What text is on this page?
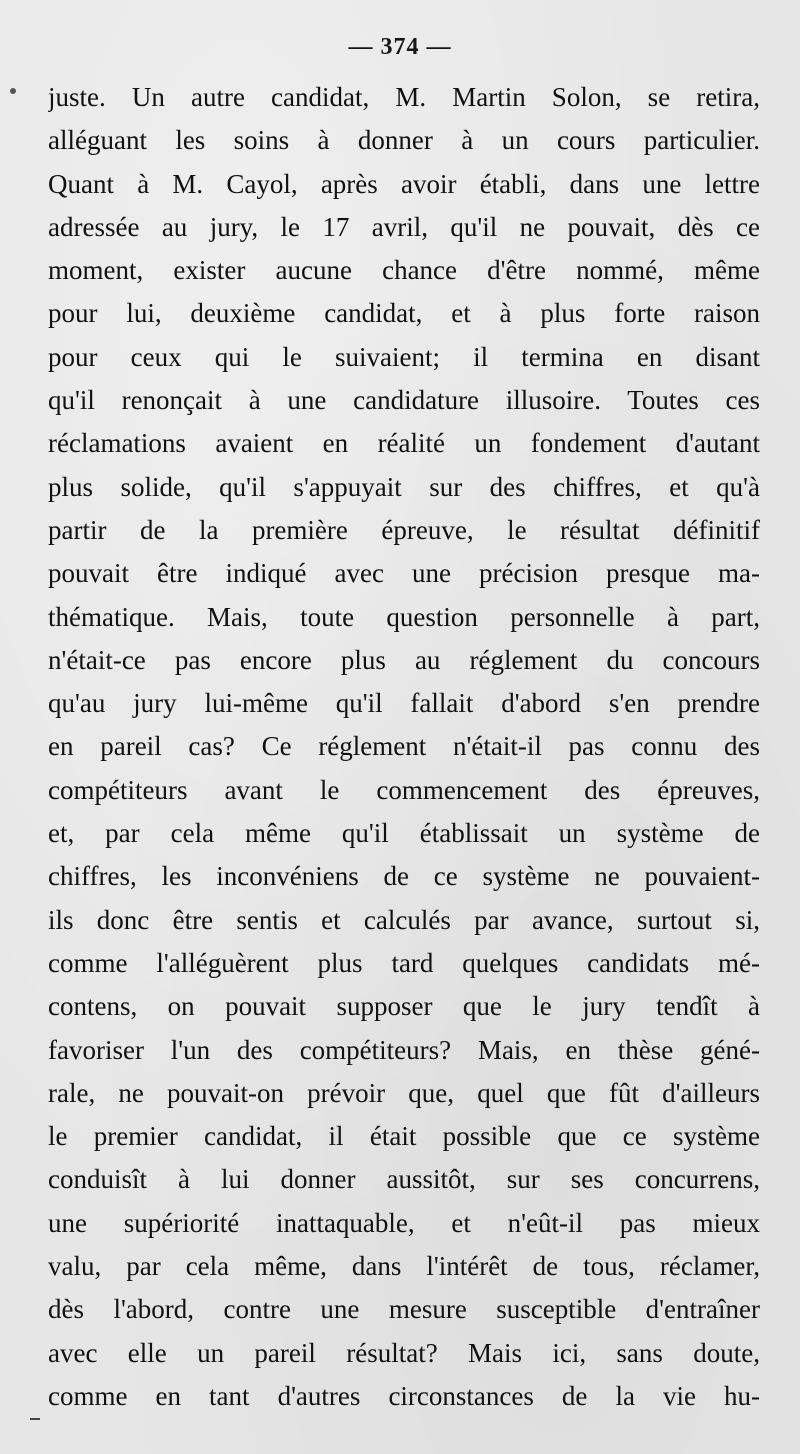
— 374 —
juste. Un autre candidat, M. Martin Solon, se retira,
alléguant les soins à donner à un cours particulier.
Quant à M. Cayol, après avoir établi, dans une lettre
adressée au jury, le 17 avril, qu'il ne pouvait, dès ce
moment, exister aucune chance d'être nommé, même
pour lui, deuxième candidat, et à plus forte raison
pour ceux qui le suivaient; il termina en disant
qu'il renonçait à une candidature illusoire. Toutes ces
réclamations avaient en réalité un fondement d'autant
plus solide, qu'il s'appuyait sur des chiffres, et qu'à
partir de la première épreuve, le résultat définitif
pouvait être indiqué avec une précision presque ma-
thématique. Mais, toute question personnelle à part,
n'était-ce pas encore plus au réglement du concours
qu'au jury lui-même qu'il fallait d'abord s'en prendre
en pareil cas? Ce réglement n'était-il pas connu des
compétiteurs avant le commencement des épreuves,
et, par cela même qu'il établissait un système de
chiffres, les inconvéniens de ce système ne pouvaient-
ils donc être sentis et calculés par avance, surtout si,
comme l'alléguèrent plus tard quelques candidats mé-
contens, on pouvait supposer que le jury tendît à
favoriser l'un des compétiteurs? Mais, en thèse géné-
rale, ne pouvait-on prévoir que, quel que fût d'ailleurs
le premier candidat, il était possible que ce système
conduisît à lui donner aussitôt, sur ses concurrens,
une supériorité inattaquable, et n'eût-il pas mieux
valu, par cela même, dans l'intérêt de tous, réclamer,
dès l'abord, contre une mesure susceptible d'entraîner
avec elle un pareil résultat? Mais ici, sans doute,
comme en tant d'autres circonstances de la vie hu-
